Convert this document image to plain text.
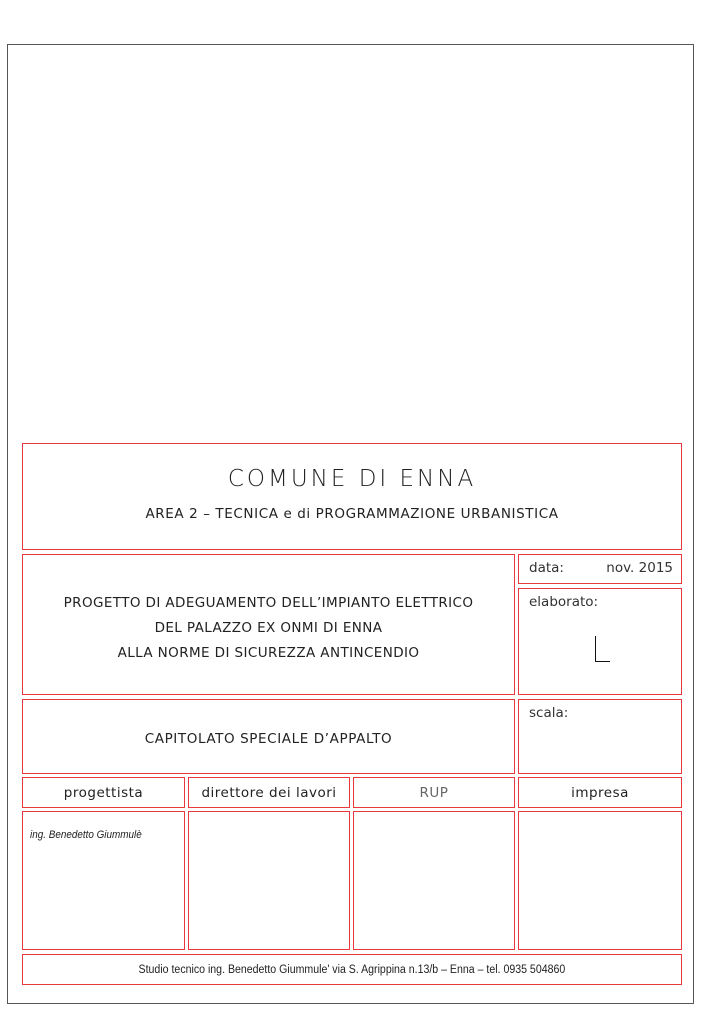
COMUNE DI ENNA
AREA 2 – TECNICA e di PROGRAMMAZIONE URBANISTICA
data:	nov. 2015
PROGETTO DI ADEGUAMENTO DELL’IMPIANTO ELETTRICO
DEL PALAZZO EX ONMI DI ENNA
ALLA NORME DI SICUREZZA ANTINCENDIO
elaborato:
CAPITOLATO SPECIALE D’APPALTO
scala:
progettista	direttore dei lavori	RUP	impresa
ing. Benedetto Giummulè
Studio tecnico ing. Benedetto Giummule' via S. Agrippina n.13/b – Enna – tel. 0935 504860
